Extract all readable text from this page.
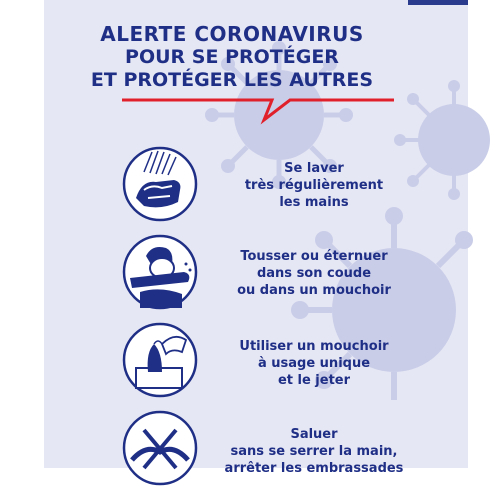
ALERTE CORONAVIRUS
POUR SE PROTÉGER
ET PROTÉGER LES AUTRES
Se laver
très régulièrement
les mains
Tousser ou éternuer
dans son coude
ou dans un mouchoir
Utiliser un mouchoir
à usage unique
et le jeter
Saluer
sans se serrer la main,
arrêter les embrassades
